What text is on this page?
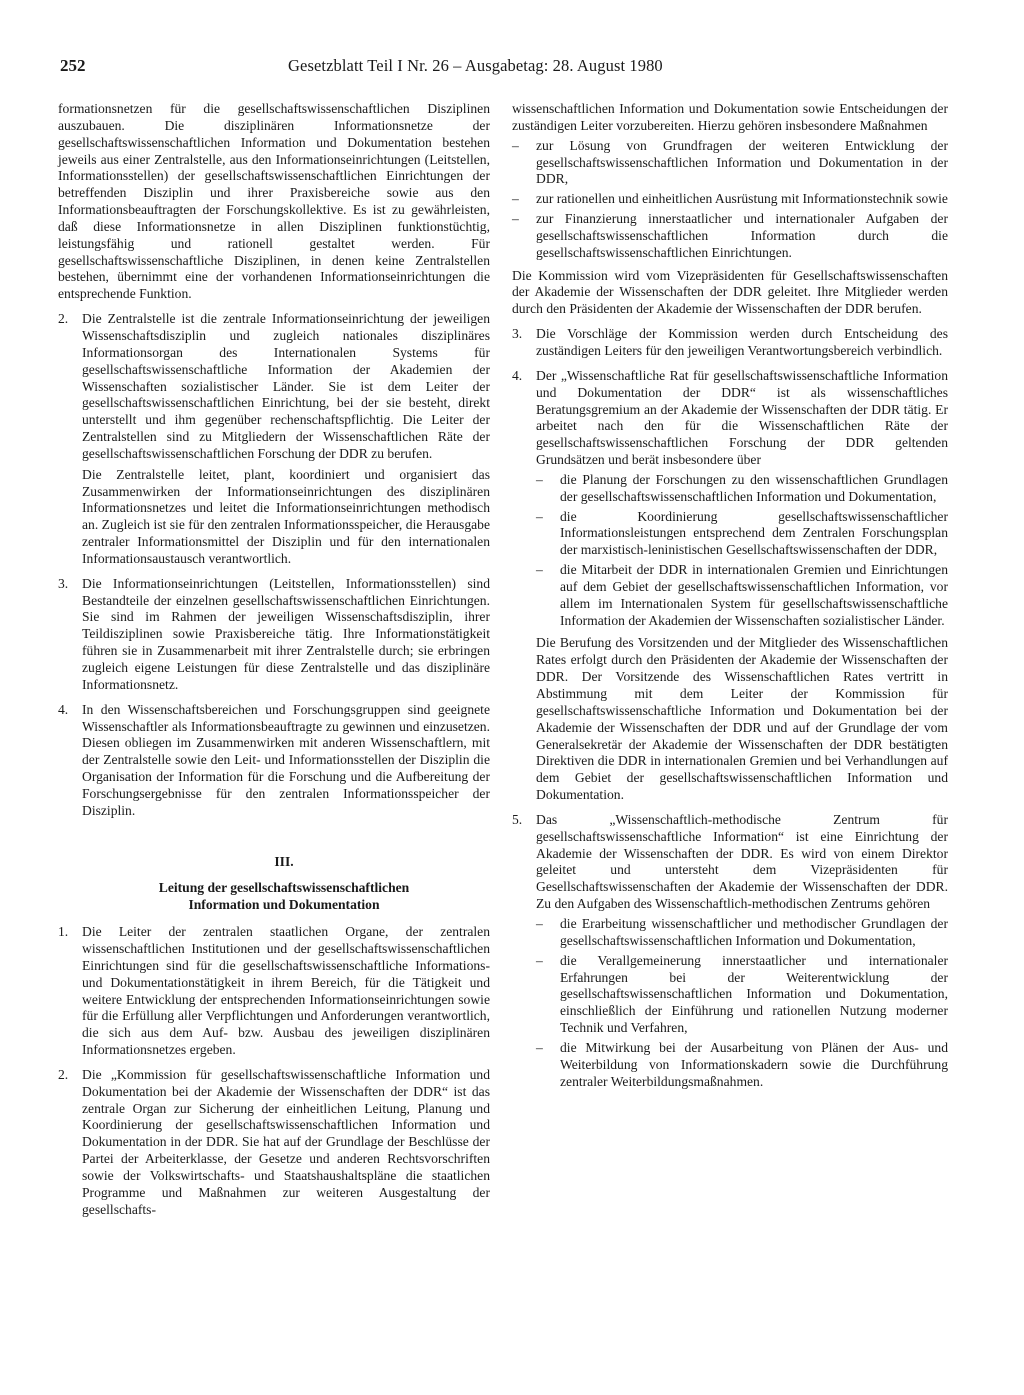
252	Gesetzblatt Teil I Nr. 26 – Ausgabetag: 28. August 1980

formationsnetzen für die gesellschaftswissenschaftlichen Disziplinen auszubauen. Die disziplinären Informationsnetze der gesellschaftswissenschaftlichen Information und Dokumentation bestehen jeweils aus einer Zentralstelle, aus den Informationseinrichtungen (Leitstellen, Informationsstellen) der gesellschaftswissenschaftlichen Einrichtungen der betreffenden Disziplin und ihrer Praxisbereiche sowie aus den Informationsbeauftragten der Forschungskollektive. Es ist zu gewährleisten, daß diese Informationsnetze in allen Disziplinen funktionstüchtig, leistungsfähig und rationell gestaltet werden. Für gesellschaftswissenschaftliche Disziplinen, in denen keine Zentralstellen bestehen, übernimmt eine der vorhandenen Informationseinrichtungen die entsprechende Funktion.

2. Die Zentralstelle ist die zentrale Informationseinrichtung der jeweiligen Wissenschaftsdisziplin und zugleich nationales disziplinäres Informationsorgan des Internationalen Systems für gesellschaftswissenschaftliche Information der Akademien der Wissenschaften sozialistischer Länder. Sie ist dem Leiter der gesellschaftswissenschaftlichen Einrichtung, bei der sie besteht, direkt unterstellt und ihm gegenüber rechenschaftspflichtig. Die Leiter der Zentralstellen sind zu Mitgliedern der Wissenschaftlichen Räte der gesellschaftswissenschaftlichen Forschung der DDR zu berufen.

Die Zentralstelle leitet, plant, koordiniert und organisiert das Zusammenwirken der Informationseinrichtungen des disziplinären Informationsnetzes und leitet die Informationseinrichtungen methodisch an. Zugleich ist sie für den zentralen Informationsspeicher, die Herausgabe zentraler Informationsmittel der Disziplin und für den internationalen Informationsaustausch verantwortlich.

3. Die Informationseinrichtungen (Leitstellen, Informationsstellen) sind Bestandteile der einzelnen gesellschaftswissenschaftlichen Einrichtungen. Sie sind im Rahmen der jeweiligen Wissenschaftsdisziplin, ihrer Teildisziplinen sowie Praxisbereiche tätig. Ihre Informationstätigkeit führen sie in Zusammenarbeit mit ihrer Zentralstelle durch; sie erbringen zugleich eigene Leistungen für diese Zentralstelle und das disziplinäre Informationsnetz.

4. In den Wissenschaftsbereichen und Forschungsgruppen sind geeignete Wissenschaftler als Informationsbeauftragte zu gewinnen und einzusetzen. Diesen obliegen im Zusammenwirken mit anderen Wissenschaftlern, mit der Zentralstelle sowie den Leit- und Informationsstellen der Disziplin die Organisation der Information für die Forschung und die Aufbereitung der Forschungsergebnisse für den zentralen Informationsspeicher der Disziplin.

III.
Leitung der gesellschaftswissenschaftlichen
Information und Dokumentation
1. Die Leiter der zentralen staatlichen Organe, der zentralen wissenschaftlichen Institutionen und der gesellschaftswissenschaftlichen Einrichtungen sind für die gesellschaftswissenschaftliche Informations- und Dokumentationstätigkeit in ihrem Bereich, für die Tätigkeit und weitere Entwicklung der entsprechenden Informationseinrichtungen sowie für die Erfüllung aller Verpflichtungen und Anforderungen verantwortlich, die sich aus dem Auf- bzw. Ausbau des jeweiligen disziplinären Informationsnetzes ergeben.

2. Die „Kommission für gesellschaftswissenschaftliche Information und Dokumentation bei der Akademie der Wissenschaften der DDR“ ist das zentrale Organ zur Sicherung der einheitlichen Leitung, Planung und Koordinierung der gesellschaftswissenschaftlichen Information und Dokumentation in der DDR. Sie hat auf der Grundlage der Beschlüsse der Partei der Arbeiterklasse, der Gesetze und anderen Rechtsvorschriften sowie der Volkswirtschafts- und Staatshaushaltspläne die staatlichen Programme und Maßnahmen zur weiteren Ausgestaltung der gesellschafts-

wissenschaftlichen Information und Dokumentation sowie Entscheidungen der zuständigen Leiter vorzubereiten. Hierzu gehören insbesondere Maßnahmen

– zur Lösung von Grundfragen der weiteren Entwicklung der gesellschaftswissenschaftlichen Information und Dokumentation in der DDR,

– zur rationellen und einheitlichen Ausrüstung mit Informationstechnik sowie

– zur Finanzierung innerstaatlicher und internationaler Aufgaben der gesellschaftswissenschaftlichen Information durch die gesellschaftswissenschaftlichen Einrichtungen.

Die Kommission wird vom Vizepräsidenten für Gesellschaftswissenschaften der Akademie der Wissenschaften der DDR geleitet. Ihre Mitglieder werden durch den Präsidenten der Akademie der Wissenschaften der DDR berufen.

3. Die Vorschläge der Kommission werden durch Entscheidung des zuständigen Leiters für den jeweiligen Verantwortungsbereich verbindlich.

4. Der „Wissenschaftliche Rat für gesellschaftswissenschaftliche Information und Dokumentation der DDR“ ist als wissenschaftliches Beratungsgremium an der Akademie der Wissenschaften der DDR tätig. Er arbeitet nach den für die Wissenschaftlichen Räte der gesellschaftswissenschaftlichen Forschung der DDR geltenden Grundsätzen und berät insbesondere über

– die Planung der Forschungen zu den wissenschaftlichen Grundlagen der gesellschaftswissenschaftlichen Information und Dokumentation,

– die Koordinierung gesellschaftswissenschaftlicher Informationsleistungen entsprechend dem Zentralen Forschungsplan der marxistisch-leninistischen Gesellschaftswissenschaften der DDR,

– die Mitarbeit der DDR in internationalen Gremien und Einrichtungen auf dem Gebiet der gesellschaftswissenschaftlichen Information, vor allem im Internationalen System für gesellschaftswissenschaftliche Information der Akademien der Wissenschaften sozialistischer Länder.

Die Berufung des Vorsitzenden und der Mitglieder des Wissenschaftlichen Rates erfolgt durch den Präsidenten der Akademie der Wissenschaften der DDR. Der Vorsitzende des Wissenschaftlichen Rates vertritt in Abstimmung mit dem Leiter der Kommission für gesellschaftswissenschaftliche Information und Dokumentation bei der Akademie der Wissenschaften der DDR und auf der Grundlage der vom Generalsekretär der Akademie der Wissenschaften der DDR bestätigten Direktiven die DDR in internationalen Gremien und bei Verhandlungen auf dem Gebiet der gesellschaftswissenschaftlichen Information und Dokumentation.

5. Das „Wissenschaftlich-methodische Zentrum für gesellschaftswissenschaftliche Information“ ist eine Einrichtung der Akademie der Wissenschaften der DDR. Es wird von einem Direktor geleitet und untersteht dem Vizepräsidenten für Gesellschaftswissenschaften der Akademie der Wissenschaften der DDR. Zu den Aufgaben des Wissenschaftlich-methodischen Zentrums gehören

– die Erarbeitung wissenschaftlicher und methodischer Grundlagen der gesellschaftswissenschaftlichen Information und Dokumentation,

– die Verallgemeinerung innerstaatlicher und internationaler Erfahrungen bei der Weiterentwicklung der gesellschaftswissenschaftlichen Information und Dokumentation, einschließlich der Einführung und rationellen Nutzung moderner Technik und Verfahren,

– die Mitwirkung bei der Ausarbeitung von Plänen der Aus- und Weiterbildung von Informationskadern sowie die Durchführung zentraler Weiterbildungsmaßnahmen.
